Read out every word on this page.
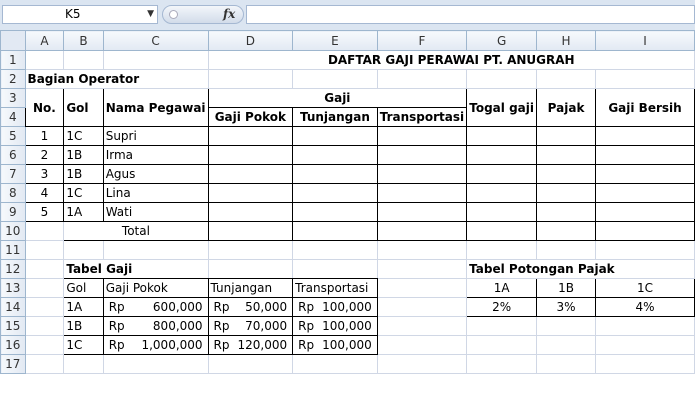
K5	▼	fx
	A	B	C	D	E	F	G	H	I
1				DAFTAR GAJI PERAWAI PT. ANUGRAH					
2	Bagian Operator								
3	No.	Gol	Nama Pegawai	Gaji			Togal gaji	Pajak	Gaji Bersih
4				Gaji Pokok	Tunjangan	Transportasi			
5	1	1C	Supri						
6	2	1B	Irma						
7	3	1B	Agus						
8	4	1C	Lina						
9	5	1A	Wati						
10		Total							
11									
12		Tabel Gaji					Tabel Potongan Pajak		
13		Gol	Gaji Pokok	Tunjangan	Transportasi		1A	1B	1C
14		1A	Rp 600,000	Rp 50,000	Rp 100,000		2%	3%	4%
15		1B	Rp 800,000	Rp 70,000	Rp 100,000				

16		1C	Rp 1,000,000	Rp 120,000	Rp 100,000				

17									
